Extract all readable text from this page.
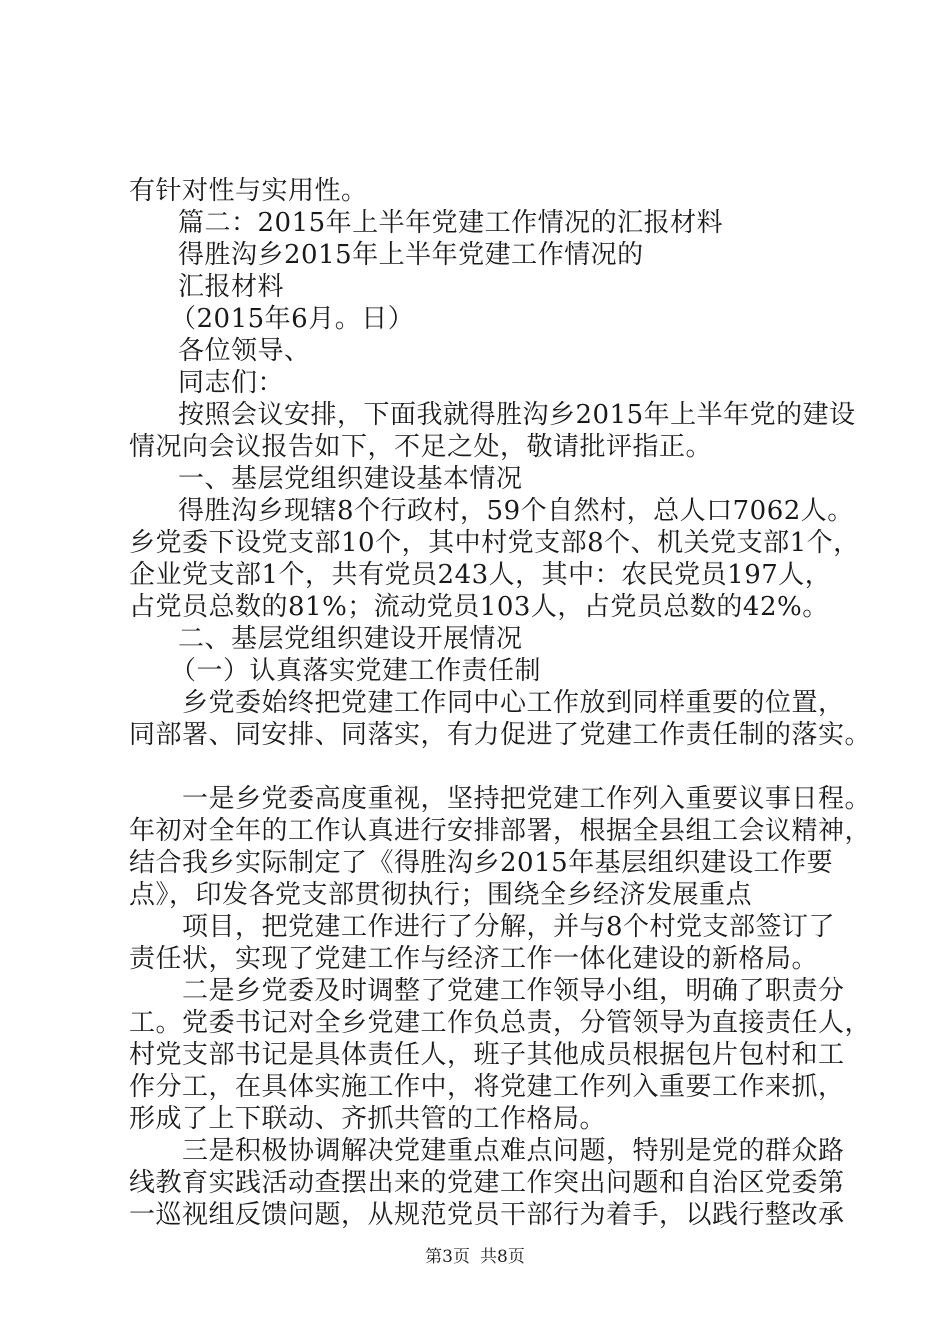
有针对性与实用性。
篇二：2015年上半年党建工作情况的汇报材料
得胜沟乡2015年上半年党建工作情况的
汇报材料
（2015年6月。日）
各位领导、
同志们：
按照会议安排，下面我就得胜沟乡2015年上半年党的建设
情况向会议报告如下，不足之处，敬请批评指正。
一、基层党组织建设基本情况
得胜沟乡现辖8个行政村，59个自然村，总人口7062人。
乡党委下设党支部10个，其中村党支部8个、机关党支部1个，
企业党支部1个，共有党员243人，其中：农民党员197人，
占党员总数的81%；流动党员103人，占党员总数的42%。
二、基层党组织建设开展情况
（一）认真落实党建工作责任制
乡党委始终把党建工作同中心工作放到同样重要的位置，
同部署、同安排、同落实，有力促进了党建工作责任制的落实。
一是乡党委高度重视，坚持把党建工作列入重要议事日程。
年初对全年的工作认真进行安排部署，根据全县组工会议精神，
结合我乡实际制定了《得胜沟乡2015年基层组织建设工作要
点》，印发各党支部贯彻执行；围绕全乡经济发展重点
项目，把党建工作进行了分解，并与8个村党支部签订了
责任状，实现了党建工作与经济工作一体化建设的新格局。
二是乡党委及时调整了党建工作领导小组，明确了职责分
工。党委书记对全乡党建工作负总责，分管领导为直接责任人，
村党支部书记是具体责任人，班子其他成员根据包片包村和工
作分工，在具体实施工作中，将党建工作列入重要工作来抓，
形成了上下联动、齐抓共管的工作格局。
三是积极协调解决党建重点难点问题，特别是党的群众路
线教育实践活动查摆出来的党建工作突出问题和自治区党委第
一巡视组反馈问题，从规范党员干部行为着手，以践行整改承
第3页 共8页
